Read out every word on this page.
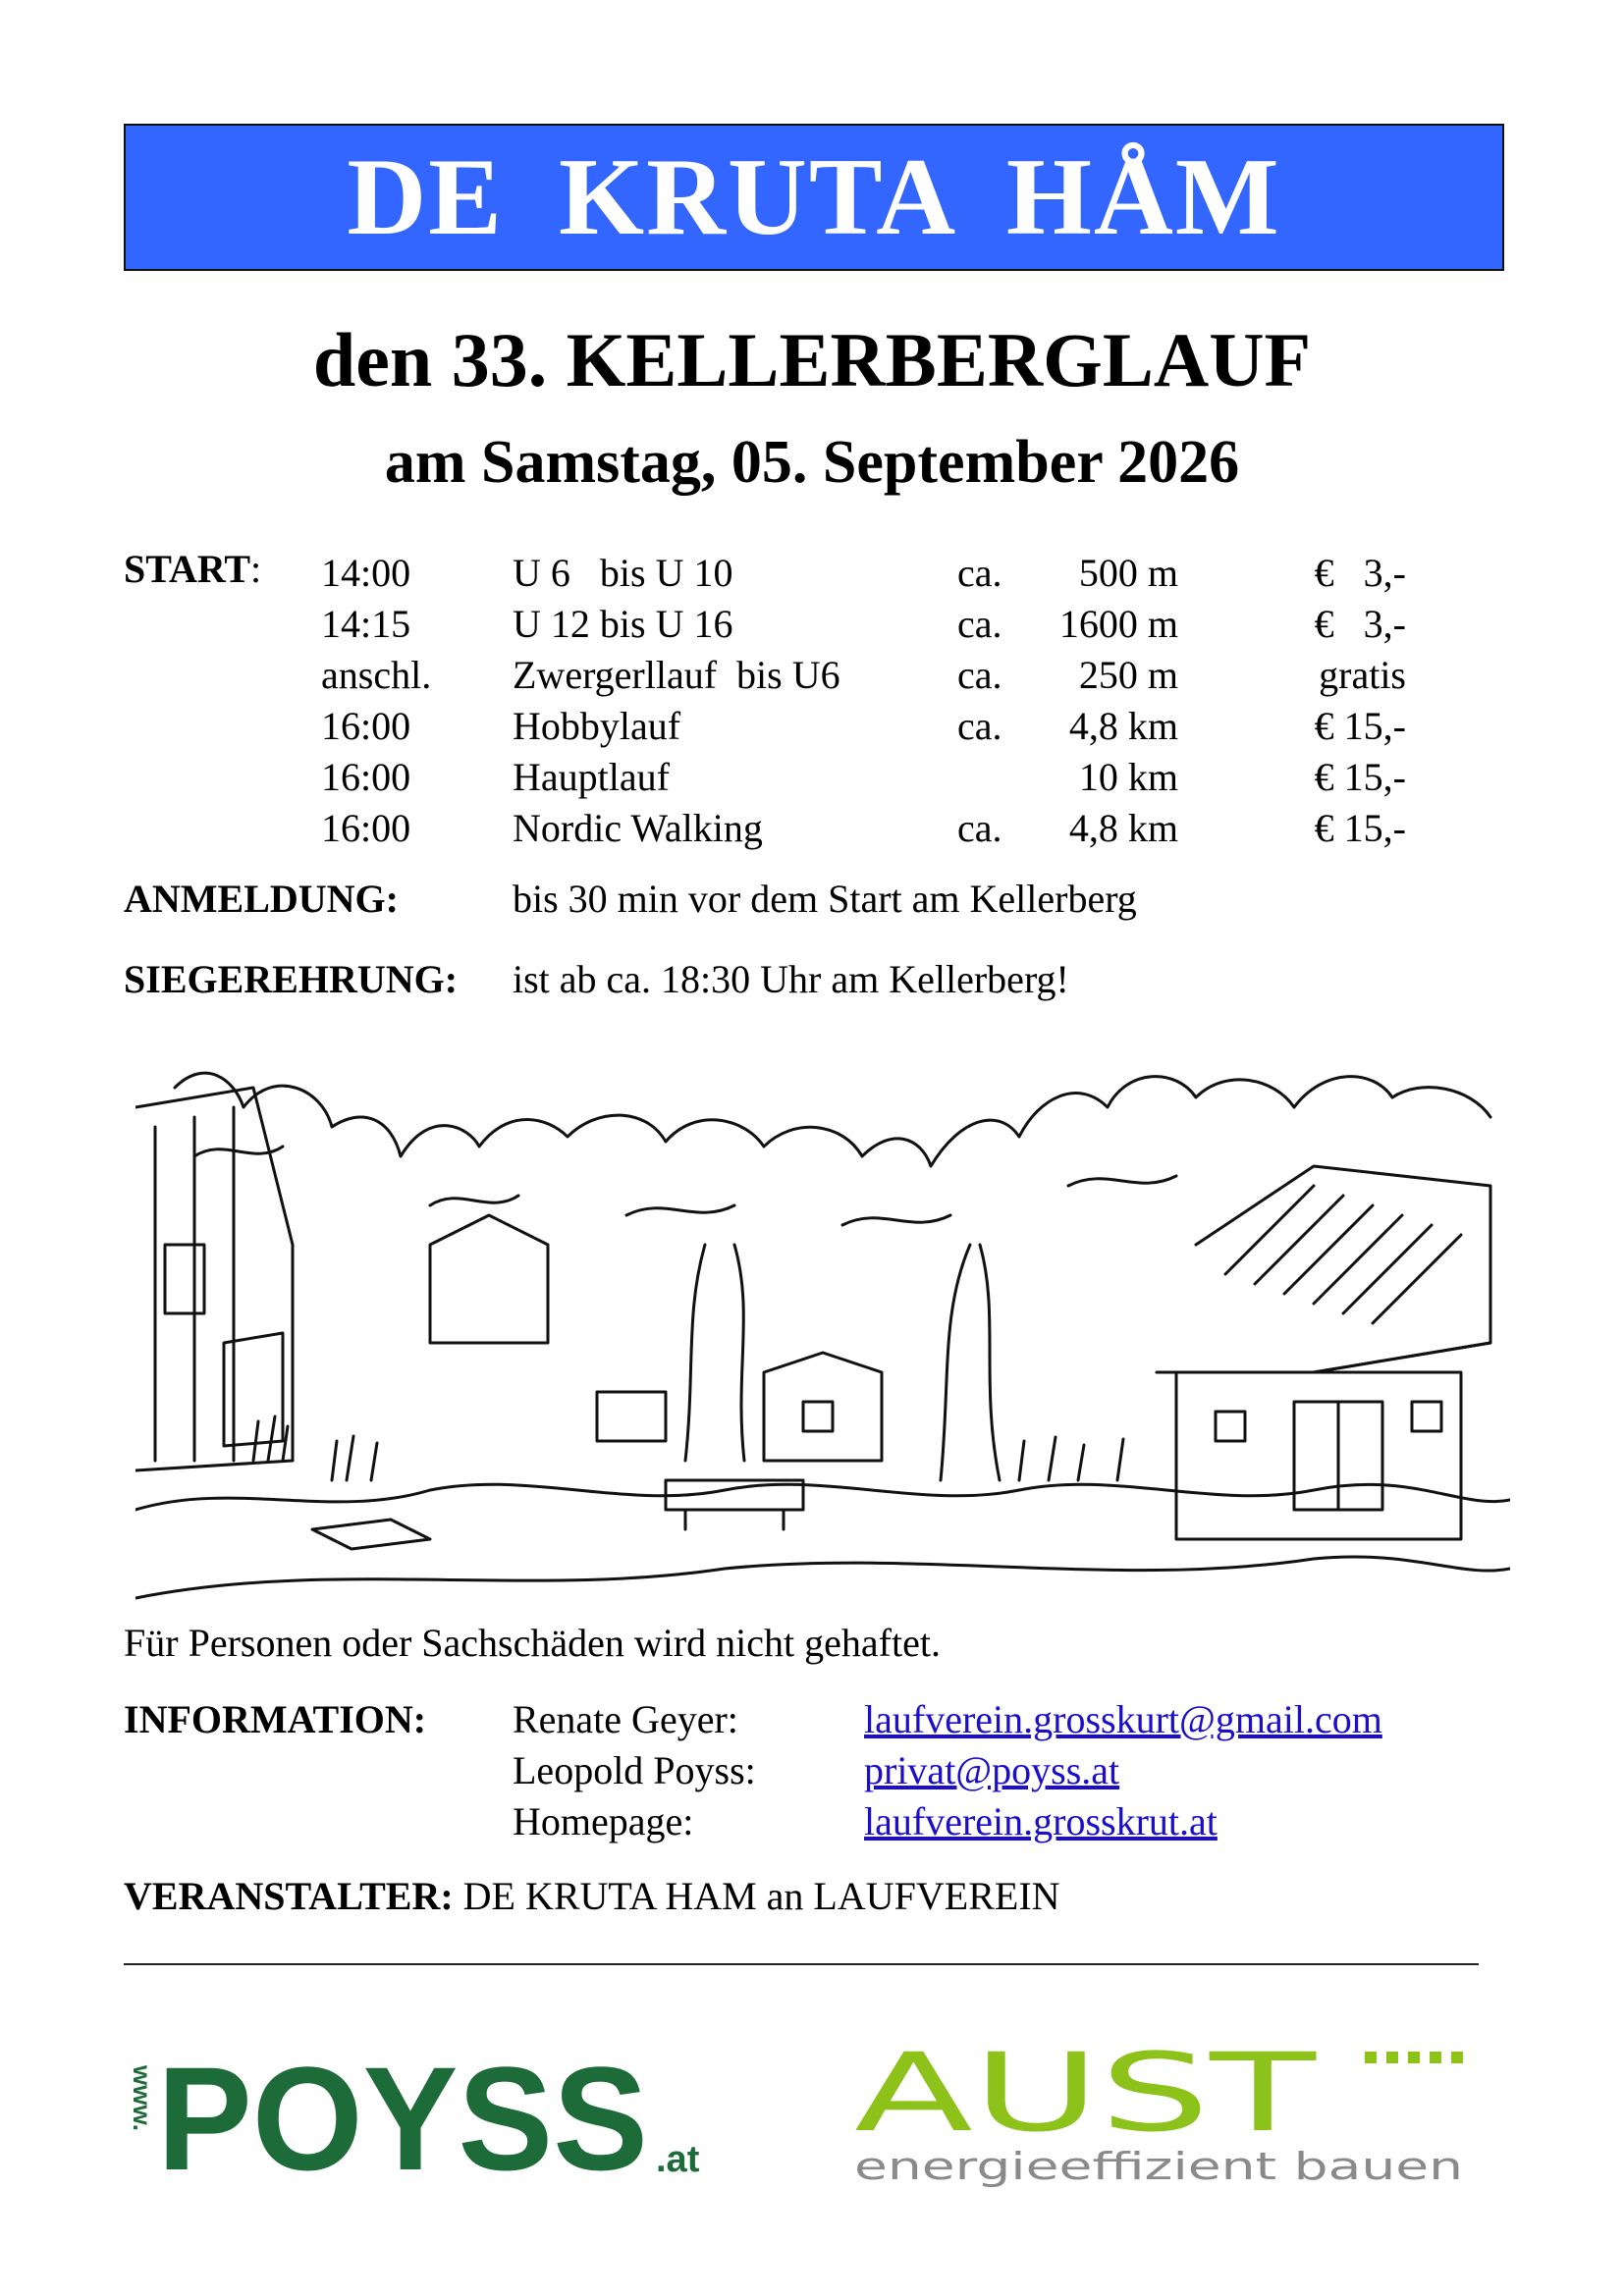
DE KRUTA HÅM
den 33. KELLERBERGLAUF
am Samstag, 05. September 2026
START: 14:00	U 6   bis U 10	ca.	500 m	€   3,-
14:15	U 12 bis U 16	ca.	1600 m	€   3,-
anschl. Zwergerllauf  bis U6	ca.	250 m	gratis
16:00	Hobbylauf	ca.	4,8 km	€ 15,-
16:00	Hauptlauf	10 km	€ 15,-
16:00	Nordic Walking	ca.	4,8 km	€ 15,-
ANMELDUNG:	bis 30 min vor dem Start am Kellerberg
SIEGEREHRUNG: ist ab ca. 18:30 Uhr am Kellerberg!
Für Personen oder Sachschäden wird nicht gehaftet.
INFORMATION: Renate Geyer:	laufverein.grosskurt@gmail.com
Leopold Poyss:	privat@poyss.at
Homepage:	laufverein.grosskrut.at
VERANSTALTER: DE KRUTA HAM an LAUFVEREIN
www. POYSS .at
AUST
energieeffizient bauen
